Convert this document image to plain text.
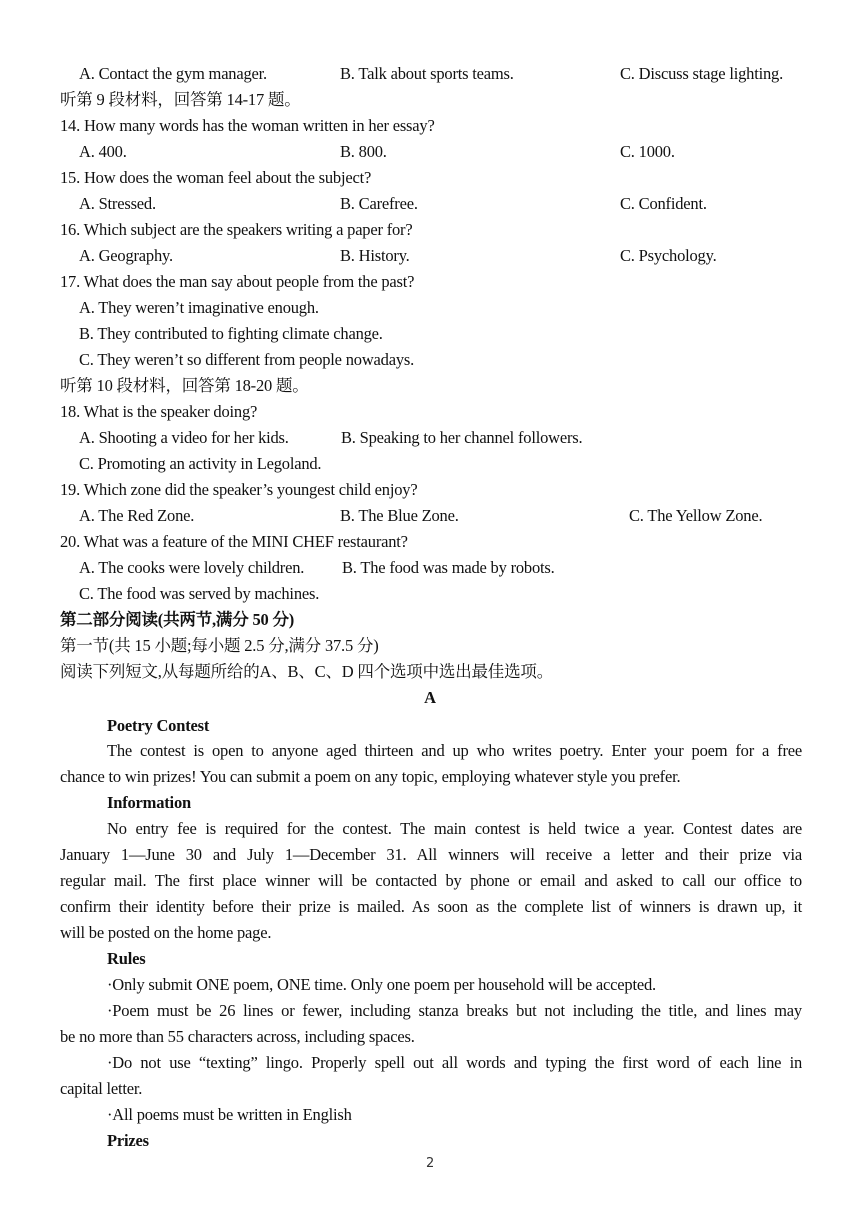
A. Contact the gym manager.	B. Talk about sports teams.	C. Discuss stage lighting.
听第 9 段材料，回答第 14-17 题。
14. How many words has the woman written in her essay?
A. 400.	B. 800.	C. 1000.
15. How does the woman feel about the subject?
A. Stressed.	B. Carefree.	C. Confident.
16. Which subject are the speakers writing a paper for?
A. Geography.	B. History.	C. Psychology.
17. What does the man say about people from the past?
A. They weren’t imaginative enough.
B. They contributed to fighting climate change.
C. They weren’t so different from people nowadays.
听第 10 段材料，回答第 18-20 题。
18. What is the speaker doing?
A. Shooting a video for her kids.	B. Speaking to her channel followers.
C. Promoting an activity in Legoland.
19. Which zone did the speaker’s youngest child enjoy?
A. The Red Zone.	B. The Blue Zone.	C. The Yellow Zone.
20. What was a feature of the MINI CHEF restaurant?
A. The cooks were lovely children. B. The food was made by robots.
C. The food was served by machines.
第二部分阅读(共两节,满分 50 分)
第一节(共 15 小题;每小题 2.5 分,满分 37.5 分)
阅读下列短文,从每题所给的A、B、C、D 四个选项中选出最佳选项。
A
Poetry Contest
The contest is open to anyone aged thirteen and up who writes poetry. Enter your poem for a free
chance to win prizes! You can submit a poem on any topic, employing whatever style you prefer.
Information
No entry fee is required for the contest. The main contest is held twice a year. Contest dates are
January 1—June 30 and July 1—December 31. All winners will receive a letter and their prize via
regular mail. The first place winner will be contacted by phone or email and asked to call our office to
confirm their identity before their prize is mailed. As soon as the complete list of winners is drawn up, it
will be posted on the home page.
Rules
·Only submit ONE poem, ONE time. Only one poem per household will be accepted.
·Poem must be 26 lines or fewer, including stanza breaks but not including the title, and lines may
be no more than 55 characters across, including spaces.
·Do not use “texting” lingo. Properly spell out all words and typing the first word of each line in
capital letter.
·All poems must be written in English
Prizes
2
